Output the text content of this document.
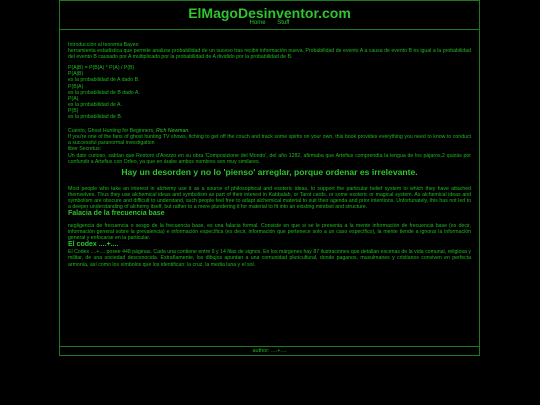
ElMagoDesinventor.com
Home Stuff

Introducción al teorema Bayes:

herramienta estadística que permite analizar probabilidad de un suceso tras recibir información nueva. Probabilidad de evento A a causa de evento B es igual a la probabilidad del evento B causado por A multiplicado por la probabilidad de A dividido por la probabilidad de B.

P(A|B) = P(B|A) * P(A) / P(B)

P(A|B)

es la probabilidad de A dado B.

P(B|A)

es la probabilidad de B dado A.

P(A)

es la probabilidad de A.

P(B)

es la probabilidad de B.

Cuento, Ghost Hunting for Beginners, Rich Newman.

If you're one of the fans of ghost hunting TV shows, itching to get off the couch and track some spirits on your own, this book provides everything you need to know to conduct a successful paranormal investigation

liber Secretus:

Un dato curioso, sabían que Restoro d'Arezzo en su obra 'Composizione del Mondo', del año 1282, afirmaba que Artefius comprendía la lengua de los pájaros,2 quizás por confundir a Artefius con Orfeo, ya que en árabe ambos nombres son muy similares.

Hay un desorden y no lo 'pienso' arreglar, porque ordenar es irrelevante.

Most people who take an interest in alchemy use it as a source of philosophical and esoteric ideas, to support the particular belief system to which they have attached themselves. Thus they use alchemical ideas and symbolism as part of their interest in Kabbalah, or Tarot cards, or some esoteric or magical system. As alchemical ideas and symbolism are obscure and difficult to understand, such people feel free to adapt alchemical material to suit their agenda and prior intentions. Unfortunately, this has not led to a deeper understanding of alchemy itself, but rather to a mere plundering it for material to fit into an existing mindset and structure.

Falacia de la frecuencia base

negligencia de frecuencia o sesgo de la frecuencia base, es una falacia formal. Consiste en que si se le presenta a la mente información de frecuencia base (es decir, información general sobre la prevalencia) e información específica (es decir, información que pertenece solo a un caso específico), la mente tiende a ignorar la información general y enfocarse en la particular.

El codex ....+....

El Codex ....+.... posee 448 páginas. Cada una contiene entre 9 y 14 filas de signos. En los márgenes hay 87 ilustraciones que detallan escenas de la vida comunal, religiosa y militar, de una sociedad desconocida. Extrañamente, los dibujos apuntan a una comunidad pluricultural, donde paganos, musulmanes y cristianos conviven en perfecta armonía, así como los símbolos que los identifican: la cruz, la media luna y el sol.

author: ....+....
